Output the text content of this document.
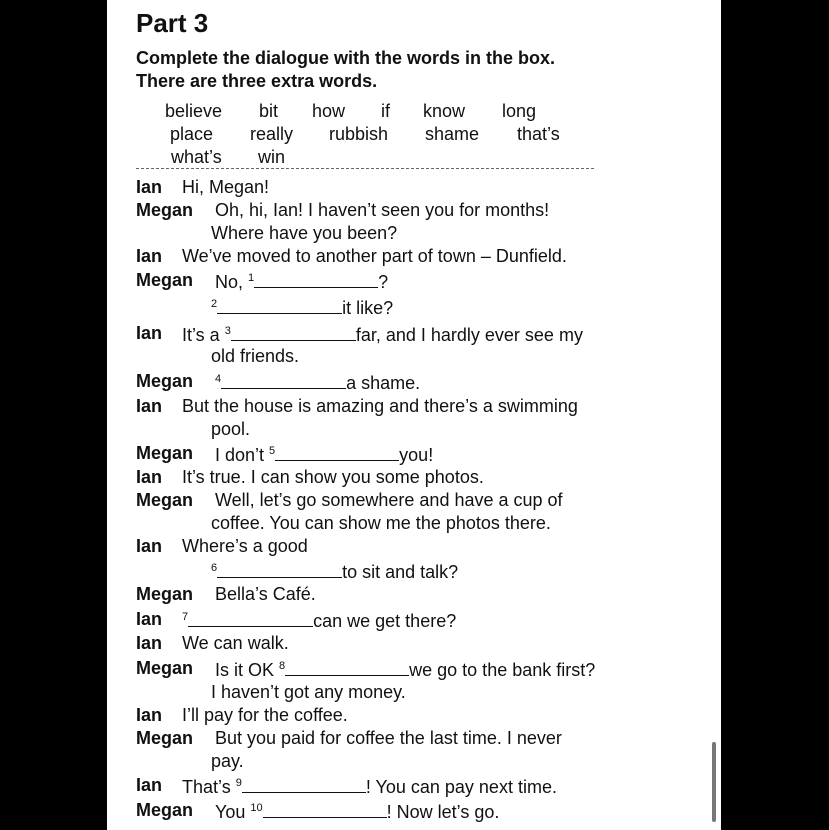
Part 3
Complete the dialogue with the words in the box.
There are three extra words.
believe bit how if know long
place really rubbish shame that’s
what’s win
Ian Hi, Megan!
Megan Oh, hi, Ian! I haven’t seen you for months!
Where have you been?
Ian We’ve moved to another part of town – Dunfield.
Megan No, $^1$	?
$^2$	it like?
Ian It’s a $^3$	far, and I hardly ever see my
old friends.
Megan $^4$	a shame.
Ian But the house is amazing and there’s a swimming
pool.
Megan I don’t $^5$	you!
Ian It’s true. I can show you some photos.
Megan Well, let’s go somewhere and have a cup of
coffee. You can show me the photos there.
Ian Where’s a good
$^6$	to sit and talk?
Megan Bella’s Café.
Ian $^7$	can we get there?
Ian We can walk.
Megan Is it OK $^8$	we go to the bank first?
I haven’t got any money.
Ian I’ll pay for the coffee.
Megan But you paid for coffee the last time. I never
pay.
Ian That’s $^9$	! You can pay next time.
Megan You $^{10}$	! Now let’s go.
